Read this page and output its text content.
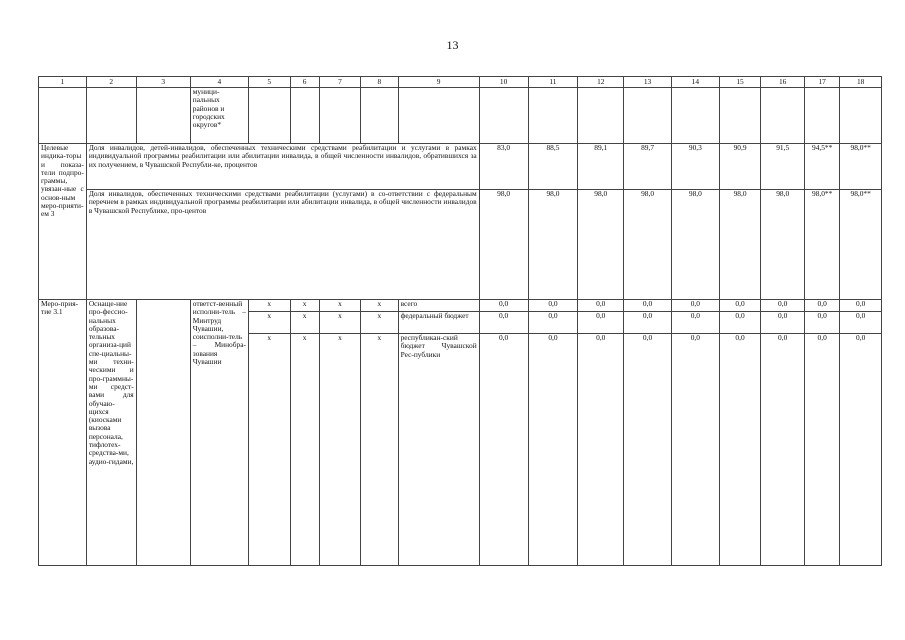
13
1	2	3	4	5	6	7	8	9	10	11	12	13	14	15	16	17	18
			муници-пальных районов и городских округов*														
Целевые индика-торы и показа-тели подпро-граммы, увязан-ные с основ-ным меро-прияти-ем 3	Доля инвалидов, детей-инвалидов, обеспеченных техническими средствами реабилитации и услугами в рамках индивидуальной программы реабилитации или абилитации инвалида, в общей численности инвалидов, обратившихся за их получением, в Чувашской Республи-ке, процентов								83,0	88,5	89,1	89,7	90,3	90,9	91,5	94,5**	98,0**
	Доля инвалидов, обеспеченных техническими средствами реабилитации (услугами) в со-ответствии с федеральным перечнем в рамках индивидуальной программы реабилитации или абилитации инвалида, в общей численности инвалидов в Чувашской Республике, про-центов								98,0	98,0	98,0	98,0	98,0	98,0	98,0	98,0**	98,0**
Меро-прия-тие 3.1	Оснаще-ние про-фессио-нальных образова-тельных организа-ций спе-циальны-ми техни-ческими и про-граммны-ми средст-вами для обучаю-щихся (киосками вызова персонала, тифлотех-средства-ми, аудио-гидами,		ответст-венный исполни-тель – Минтруд Чувашии, соисполни-тель – Минобра-зования Чувашии	x	x	x	x	всего	0,0	0,0	0,0	0,0	0,0	0,0	0,0	0,0	0,0
				x	x	x	x	федеральный бюджет	0,0	0,0	0,0	0,0	0,0	0,0	0,0	0,0	0,0
				x	x	x	x	республикан-ский бюджет Чувашской Рес-публики	0,0	0,0	0,0	0,0	0,0	0,0	0,0	0,0	0,0
